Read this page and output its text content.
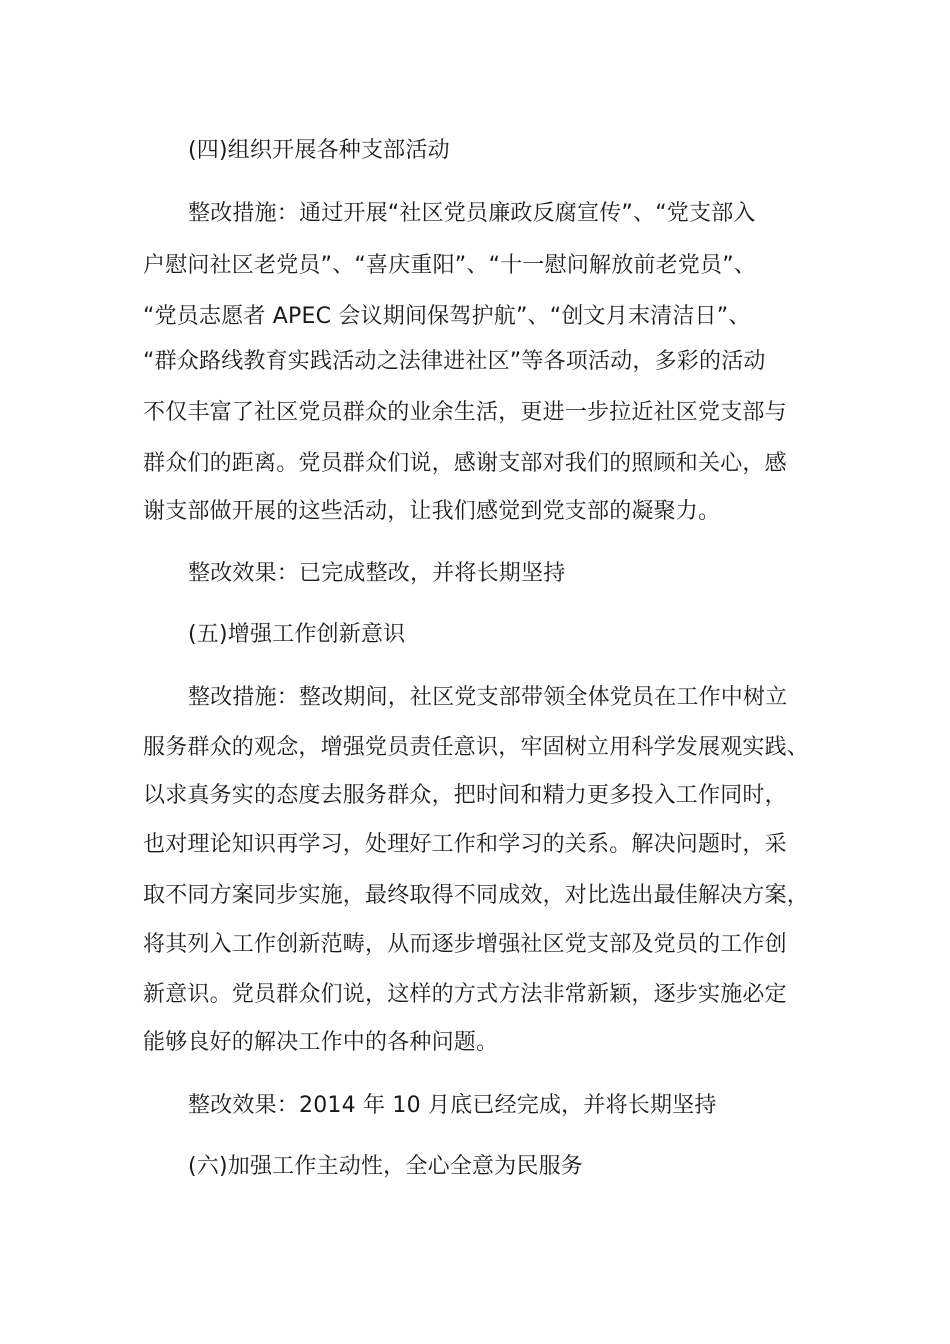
(四)组织开展各种支部活动
整改措施：通过开展“社区党员廉政反腐宣传”、“党支部入
户慰问社区老党员”、“喜庆重阳”、“十一慰问解放前老党员”、
“党员志愿者 APEC 会议期间保驾护航”、“创文月末清洁日”、
“群众路线教育实践活动之法律进社区”等各项活动，多彩的活动
不仅丰富了社区党员群众的业余生活，更进一步拉近社区党支部与
群众们的距离。党员群众们说，感谢支部对我们的照顾和关心，感
谢支部做开展的这些活动，让我们感觉到党支部的凝聚力。
整改效果：已完成整改，并将长期坚持
(五)增强工作创新意识
整改措施：整改期间，社区党支部带领全体党员在工作中树立
服务群众的观念，增强党员责任意识，牢固树立用科学发展观实践、
以求真务实的态度去服务群众，把时间和精力更多投入工作同时，
也对理论知识再学习，处理好工作和学习的关系。解决问题时，采
取不同方案同步实施，最终取得不同成效，对比选出最佳解决方案，
将其列入工作创新范畴，从而逐步增强社区党支部及党员的工作创
新意识。党员群众们说，这样的方式方法非常新颖，逐步实施必定
能够良好的解决工作中的各种问题。
整改效果：2014 年 10 月底已经完成，并将长期坚持
(六)加强工作主动性，全心全意为民服务
